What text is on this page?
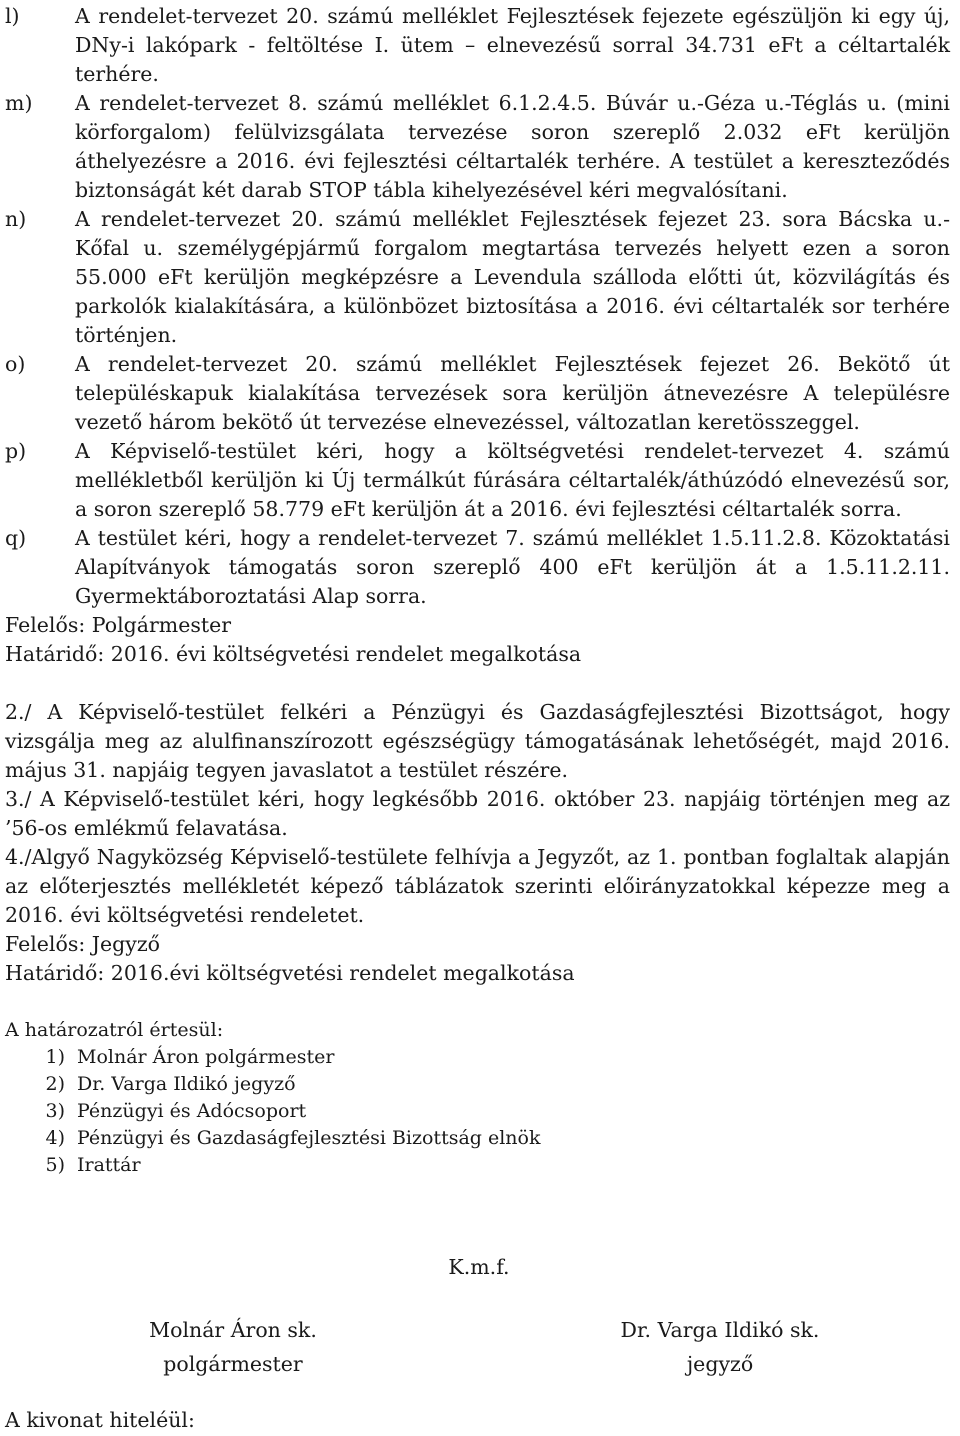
l)	A rendelet-tervezet 20. számú melléklet Fejlesztések fejezete egészüljön ki egy új, DNy-i lakópark - feltöltése I. ütem – elnevezésű sorral 34.731 eFt a céltartalék terhére.
m)	A rendelet-tervezet 8. számú melléklet 6.1.2.4.5. Búvár u.-Géza u.-Téglás u. (mini körforgalom) felülvizsgálata tervezése soron szereplő 2.032 eFt kerüljön áthelyezésre a 2016. évi fejlesztési céltartalék terhére. A testület a kereszteződés biztonságát két darab STOP tábla kihelyezésével kéri megvalósítani.
n)	A rendelet-tervezet 20. számú melléklet Fejlesztések fejezet 23. sora Bácska u.-Kőfal u. személygépjármű forgalom megtartása tervezés helyett ezen a soron 55.000 eFt kerüljön megképzésre a Levendula szálloda előtti út, közvilágítás és parkolók kialakítására, a különbözet biztosítása a 2016. évi céltartalék sor terhére történjen.
o)	A rendelet-tervezet 20. számú melléklet Fejlesztések fejezet 26. Bekötő út településkapuk kialakítása tervezések sora kerüljön átnevezésre A településre vezető három bekötő út tervezése elnevezéssel, változatlan keretösszeggel.
p)	A Képviselő-testület kéri, hogy a költségvetési rendelet-tervezet 4. számú mellékletből kerüljön ki Új termálkút fúrására céltartalék/áthúzódó elnevezésű sor, a soron szereplő 58.779 eFt kerüljön át a 2016. évi fejlesztési céltartalék sorra.
q)	A testület kéri, hogy a rendelet-tervezet 7. számú melléklet 1.5.11.2.8. Közoktatási Alapítványok támogatás soron szereplő 400 eFt kerüljön át a 1.5.11.2.11. Gyermektáboroztatási Alap sorra.

Felelős: Polgármester

Határidő: 2016. évi költségvetési rendelet megalkotása

2./ A Képviselő-testület felkéri a Pénzügyi és Gazdaságfejlesztési Bizottságot, hogy vizsgálja meg az alulfinanszírozott egészségügy támogatásának lehetőségét, majd 2016. május 31. napjáig tegyen javaslatot a testület részére.

3./ A Képviselő-testület kéri, hogy legkésőbb 2016. október 23. napjáig történjen meg az ’56-os emlékmű felavatása.

4./Algyő Nagyközség Képviselő-testülete felhívja a Jegyzőt, az 1. pontban foglaltak alapján az előterjesztés mellékletét képező táblázatok szerinti előirányzatokkal képezze meg a 2016. évi költségvetési rendeletet.

Felelős: Jegyző

Határidő: 2016.évi költségvetési rendelet megalkotása

A határozatról értesül:

1) Molnár Áron polgármester
2) Dr. Varga Ildikó jegyző
3) Pénzügyi és Adócsoport
4) Pénzügyi és Gazdaságfejlesztési Bizottság elnök
5) Irattár
K.m.f.
Molnár Áron sk.
polgármester
Dr. Varga Ildikó sk.
jegyző
A kivonat hiteléül:
